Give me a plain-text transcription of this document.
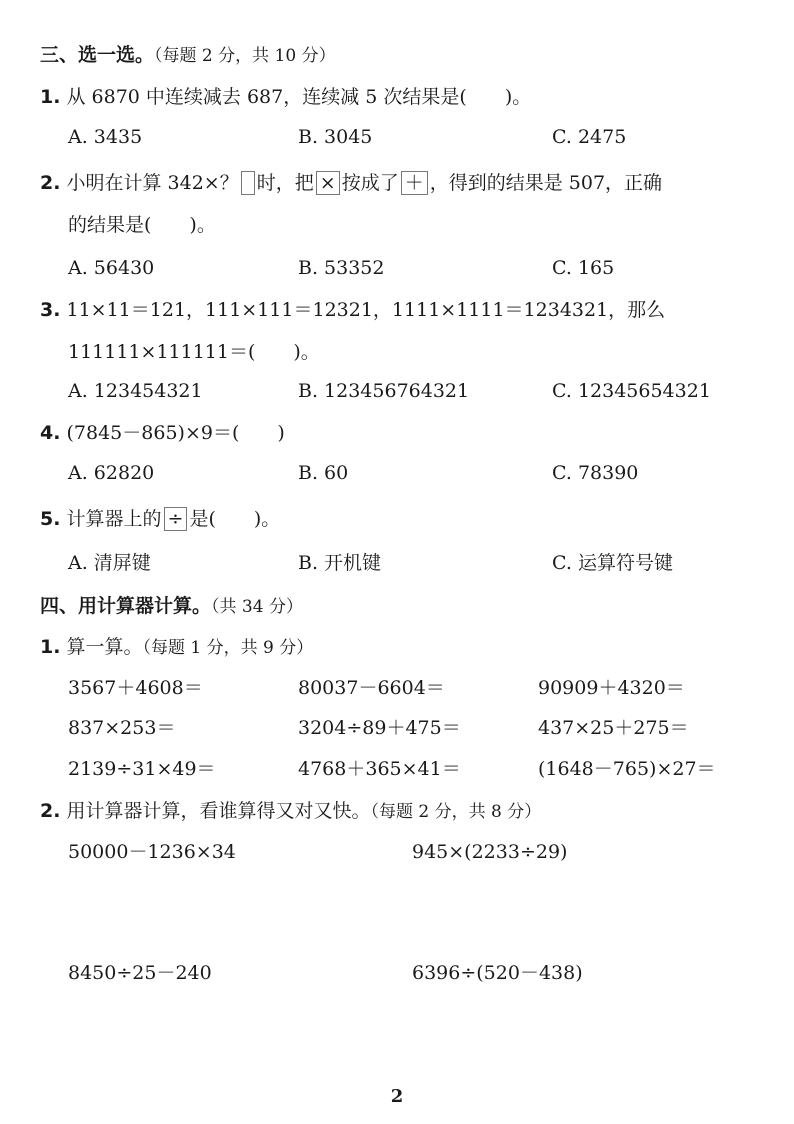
三、选一选。（每题 2 分，共 10 分）
1. 从 6870 中连续减去 687，连续减 5 次结果是(　　)。
A. 3435	B. 3045	C. 2475
2. 小明在计算 342×？ 时，把 × 按成了 ＋ ，得到的结果是 507，正确
的结果是(　　)。
A. 56430	B. 53352	C. 165
3. 11×11＝121，111×111＝12321，1111×1111＝1234321，那么
111111×111111＝(　　)。
A. 123454321	B. 123456764321	C. 12345654321
4. (7845－865)×9＝(　　)
A. 62820	B. 60	C. 78390
5. 计算器上的 ÷ 是(　　)。
A. 清屏键	B. 开机键	C. 运算符号键
四、用计算器计算。（共 34 分）
1. 算一算。（每题 1 分，共 9 分）
3567＋4608＝	80037－6604＝	90909＋4320＝
837×253＝	3204÷89＋475＝	437×25＋275＝
2139÷31×49＝	4768＋365×41＝	(1648－765)×27＝
2. 用计算器计算，看谁算得又对又快。（每题 2 分，共 8 分）
50000－1236×34	945×(2233÷29)
8450÷25－240	6396÷(520－438)
2
